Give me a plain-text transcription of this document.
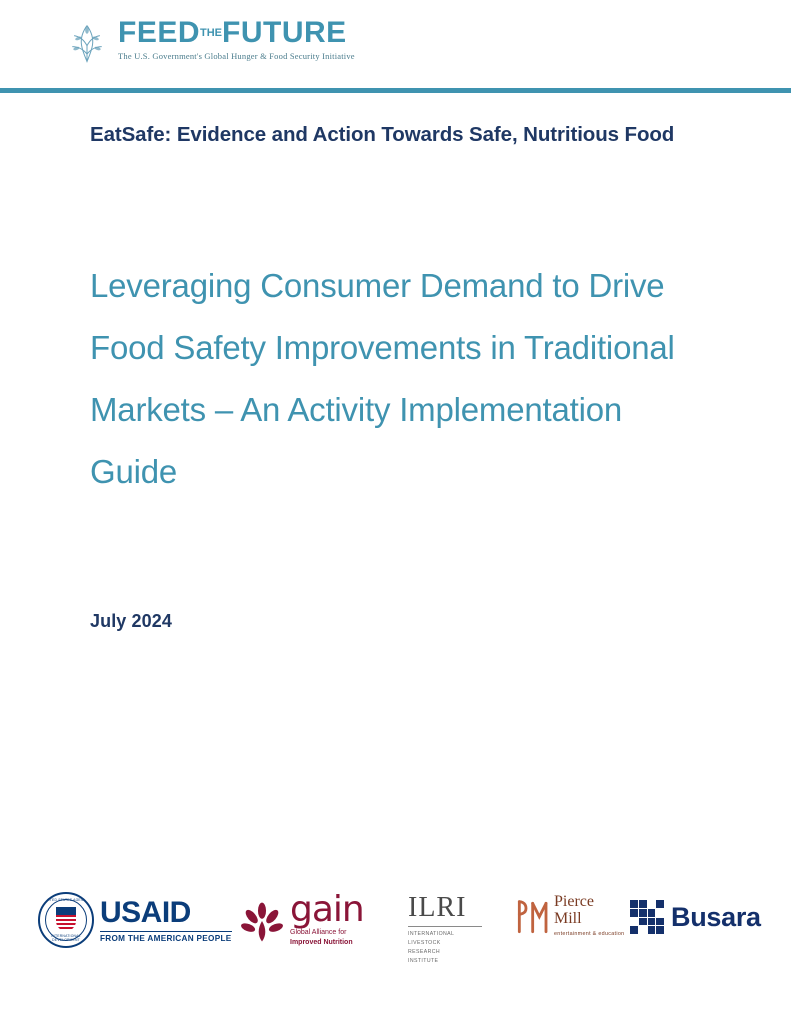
$FEED^{THE}FUTURE$
The U.S. Government's Global Hunger & Food Security Initiative
EatSafe: Evidence and Action Towards Safe, Nutritious Food
Leveraging Consumer Demand to Drive Food Safety Improvements in Traditional Markets – An Activity Implementation Guide
July 2024
UNITED STATES AGENCY
INTERNATIONAL DEVELOPMENT
USAID
FROM THE AMERICAN PEOPLE
gain
Global Alliance for
Improved Nutrition
ILRI
INTERNATIONAL
LIVESTOCK
RESEARCH
INSTITUTE
Pierce
Mill
entertainment & education
Busara
